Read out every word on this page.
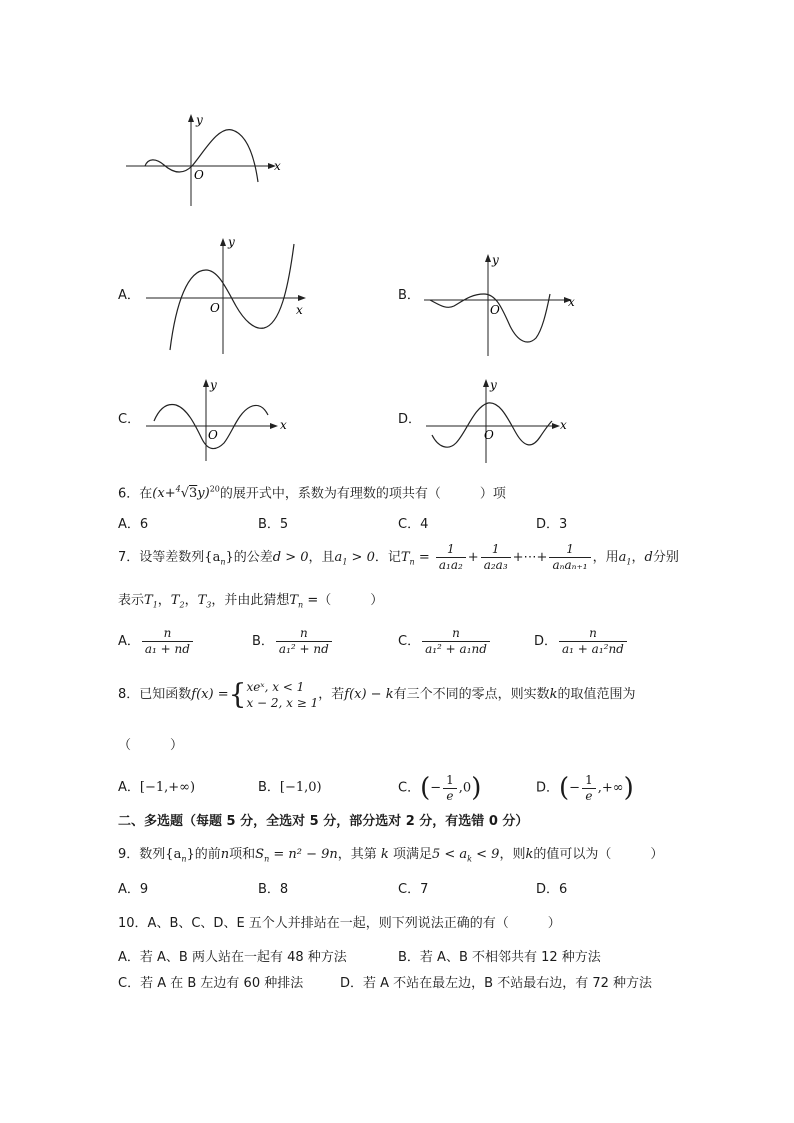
x
y
O
A．
x
y
O
B．	x
y
O
C．	x
y
O
D．	x
y
O
6．在$(x+^4√3y)^{20}$的展开式中，系数为有理数的项共有（　　　）项
A．6	B．5	C．4	D．3
7．设等差数列$\{a_n\}$的公差d > 0，且$a_1 > 0$．记$T_n = \frac{1}{\text{a₁a₂}} + \frac{1}{\text{a₂a₃}}$ +⋯+ $\frac{1}{\text{aₙaₙ₊₁}}$ ，用$a_1$，d分别
表示$T_1$，$T_2$，$T_3$，并由此猜想$T_n$ =（　　　）
A． $\frac{n}{\text{a₁ + nd}}$	B． $\frac{n}{\text{a₁² + nd}}$	C． $\frac{n}{\text{a₁² + a₁nd}}$	D． $\frac{n}{\text{a₁ + a₁²nd}}$
8．已知函数f(x) ={ xeˣ, x < 1
x − 2, x ≥ 1
，若f(x) − k有三个不同的零点，则实数k的取值范围为
（　　　）
A．[−1,+∞)	B．[−1,0)	C．(− $\frac{1}{e} ,0$)	D．(− $\frac{1}{e}$ ,+∞)
二、多选题（每题 5 分，全选对 5 分，部分选对 2 分，有选错 0 分）
9．数列$\{a_n\}$的前n项和$S_n = n^2 - 9n$，其第 k 项满足$5 < a_k < 9$，则k的值可以为（　　　）
A．9	B．8	C．7	D．6
10．A、B、C、D、E 五个人并排站在一起，则下列说法正确的有（　　　）
A．若 A、B 两人站在一起有 48 种方法	B．若 A、B 不相邻共有 12 种方法
C．若 A 在 B 左边有 60 种排法	D．若 A 不站在最左边，B 不站最右边，有 72 种方法
